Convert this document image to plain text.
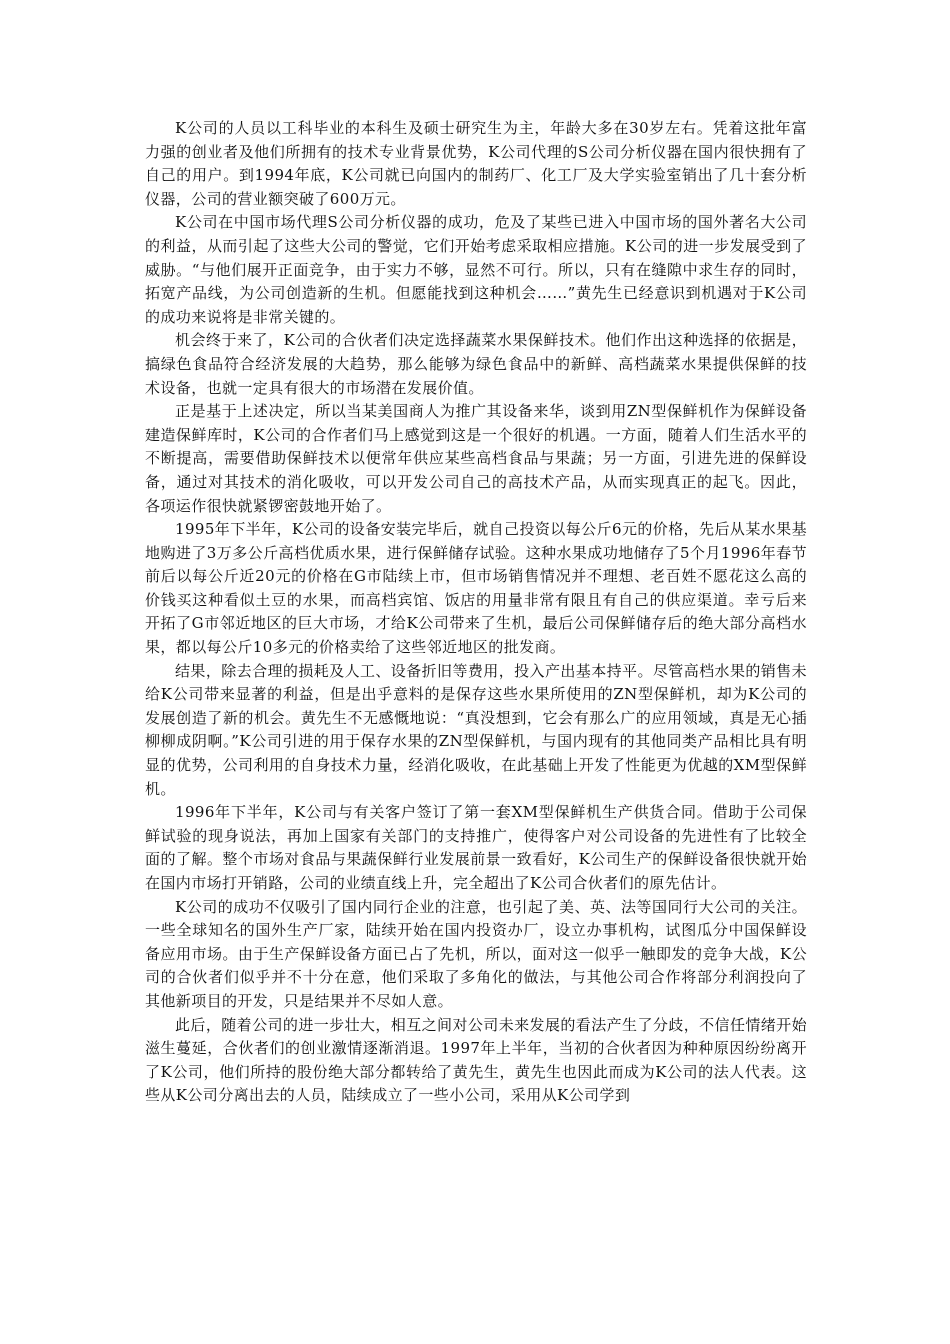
K公司的人员以工科毕业的本科生及硕士研究生为主，年龄大多在30岁左右。凭着这批年富力强的创业者及他们所拥有的技术专业背景优势，K公司代理的S公司分析仪器在国内很快拥有了自己的用户。到1994年底，K公司就已向国内的制药厂、化工厂及大学实验室销出了几十套分析仪器，公司的营业额突破了600万元。

K公司在中国市场代理S公司分析仪器的成功，危及了某些已进入中国市场的国外著名大公司的利益，从而引起了这些大公司的警觉，它们开始考虑采取相应措施。K公司的进一步发展受到了威胁。“与他们展开正面竞争，由于实力不够，显然不可行。所以，只有在缝隙中求生存的同时，拓宽产品线，为公司创造新的生机。但愿能找到这种机会……”黄先生已经意识到机遇对于K公司的成功来说将是非常关键的。

机会终于来了，K公司的合伙者们决定选择蔬菜水果保鲜技术。他们作出这种选择的依据是，搞绿色食品符合经济发展的大趋势，那么能够为绿色食品中的新鲜、高档蔬菜水果提供保鲜的技术设备，也就一定具有很大的市场潜在发展价值。

正是基于上述决定，所以当某美国商人为推广其设备来华，谈到用ZN型保鲜机作为保鲜设备建造保鲜库时，K公司的合作者们马上感觉到这是一个很好的机遇。一方面，随着人们生活水平的不断提高，需要借助保鲜技术以便常年供应某些高档食品与果蔬；另一方面，引进先进的保鲜设备，通过对其技术的消化吸收，可以开发公司自己的高技术产品，从而实现真正的起飞。因此，各项运作很快就紧锣密鼓地开始了。

1995年下半年，K公司的设备安装完毕后，就自己投资以每公斤6元的价格，先后从某水果基地购进了3万多公斤高档优质水果，进行保鲜储存试验。这种水果成功地储存了5个月1996年春节前后以每公斤近20元的价格在G市陆续上市，但市场销售情况并不理想、老百姓不愿花这么高的价钱买这种看似土豆的水果，而高档宾馆、饭店的用量非常有限且有自己的供应渠道。幸亏后来开拓了G市邻近地区的巨大市场，才给K公司带来了生机，最后公司保鲜储存后的绝大部分高档水果，都以每公斤10多元的价格卖给了这些邻近地区的批发商。

结果，除去合理的损耗及人工、设备折旧等费用，投入产出基本持平。尽管高档水果的销售未给K公司带来显著的利益，但是出乎意料的是保存这些水果所使用的ZN型保鲜机，却为K公司的发展创造了新的机会。黄先生不无感慨地说：“真没想到，它会有那么广的应用领域，真是无心插柳柳成阴啊。”K公司引进的用于保存水果的ZN型保鲜机，与国内现有的其他同类产品相比具有明显的优势，公司利用的自身技术力量，经消化吸收，在此基础上开发了性能更为优越的XM型保鲜机。

1996年下半年，K公司与有关客户签订了第一套XM型保鲜机生产供货合同。借助于公司保鲜试验的现身说法，再加上国家有关部门的支持推广，使得客户对公司设备的先进性有了比较全面的了解。整个市场对食品与果蔬保鲜行业发展前景一致看好，K公司生产的保鲜设备很快就开始在国内市场打开销路，公司的业绩直线上升，完全超出了K公司合伙者们的原先估计。

K公司的成功不仅吸引了国内同行企业的注意，也引起了美、英、法等国同行大公司的关注。一些全球知名的国外生产厂家，陆续开始在国内投资办厂，设立办事机构，试图瓜分中国保鲜设备应用市场。由于生产保鲜设备方面已占了先机，所以，面对这一似乎一触即发的竞争大战，K公司的合伙者们似乎并不十分在意，他们采取了多角化的做法，与其他公司合作将部分利润投向了其他新项目的开发，只是结果并不尽如人意。

此后，随着公司的进一步壮大，相互之间对公司未来发展的看法产生了分歧，不信任情绪开始滋生蔓延，合伙者们的创业激情逐渐消退。1997年上半年，当初的合伙者因为种种原因纷纷离开了K公司，他们所持的股份绝大部分都转给了黄先生，黄先生也因此而成为K公司的法人代表。这些从K公司分离出去的人员，陆续成立了一些小公司，采用从K公司学到
